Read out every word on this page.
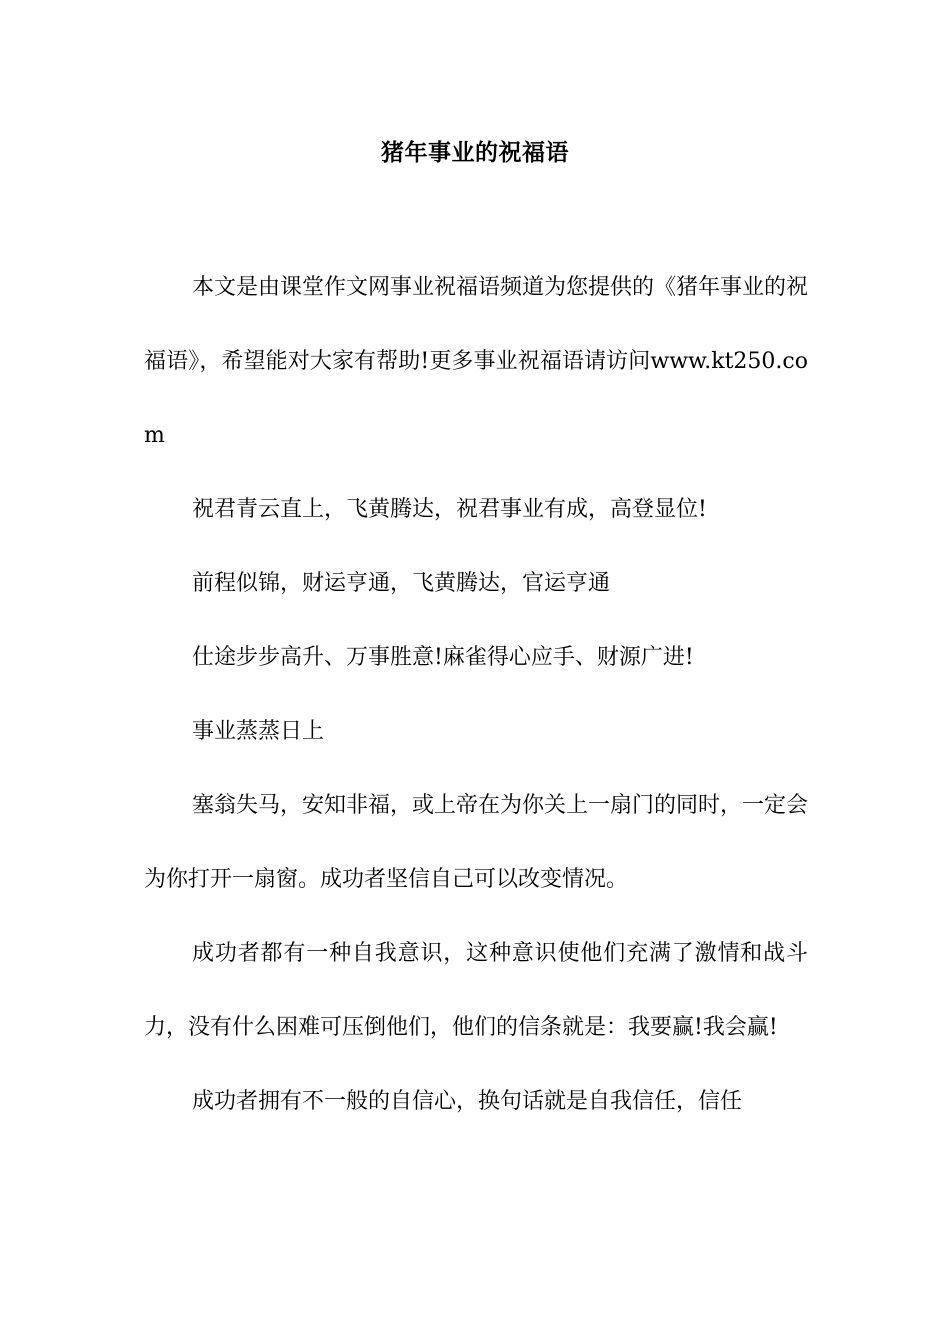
猪年事业的祝福语

本文是由课堂作文网事业祝福语频道为您提供的《猪年事业的祝福语》，希望能对大家有帮助!更多事业祝福语请访问www.kt250.com

祝君青云直上，飞黄腾达，祝君事业有成，高登显位!

前程似锦，财运亨通，飞黄腾达，官运亨通

仕途步步高升、万事胜意!麻雀得心应手、财源广进!

事业蒸蒸日上

塞翁失马，安知非福，或上帝在为你关上一扇门的同时，一定会为你打开一扇窗。成功者坚信自己可以改变情况。

成功者都有一种自我意识，这种意识使他们充满了激情和战斗力，没有什么困难可压倒他们，他们的信条就是：我要赢!我会赢!

成功者拥有不一般的自信心，换句话就是自我信任，信任
